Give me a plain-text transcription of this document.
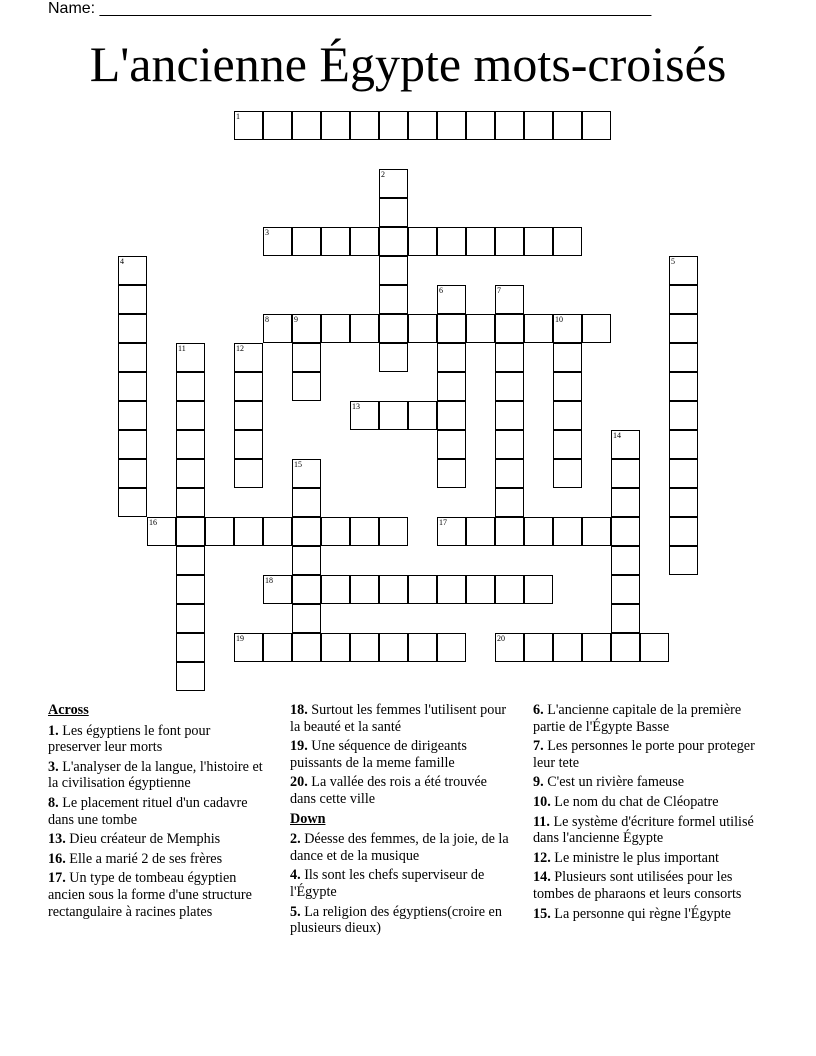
Name: ______________________________________________________________
L'ancienne Égypte mots-croisés
1
2
3
4	5
6	7
8	9	10
11	12
13
14
15
16	17
18
19	20
Across
1. Les égyptiens le font pour preserver leur morts
3. L'analyser de la langue, l'histoire et la civilisation égyptienne
8. Le placement rituel d'un cadavre dans une tombe
13. Dieu créateur de Memphis
16. Elle a marié 2 de ses frères
17. Un type de tombeau égyptien ancien sous la forme d'une structure rectangulaire à racines plates
18. Surtout les femmes l'utilisent pour la beauté et la santé
19. Une séquence de dirigeants puissants de la meme famille
20. La vallée des rois a été trouvée dans cette ville
Down
2. Déesse des femmes, de la joie, de la dance et de la musique
4. Ils sont les chefs superviseur de l'Égypte
5. La religion des égyptiens(croire en plusieurs dieux)
6. L'ancienne capitale de la première partie de l'Égypte Basse
7. Les personnes le porte pour proteger leur tete
9. C'est un rivière fameuse
10. Le nom du chat de Cléopatre
11. Le système d'écriture formel utilisé dans l'ancienne Égypte
12. Le ministre le plus important
14. Plusieurs sont utilisées pour les tombes de pharaons et leurs consorts
15. La personne qui règne l'Égypte
